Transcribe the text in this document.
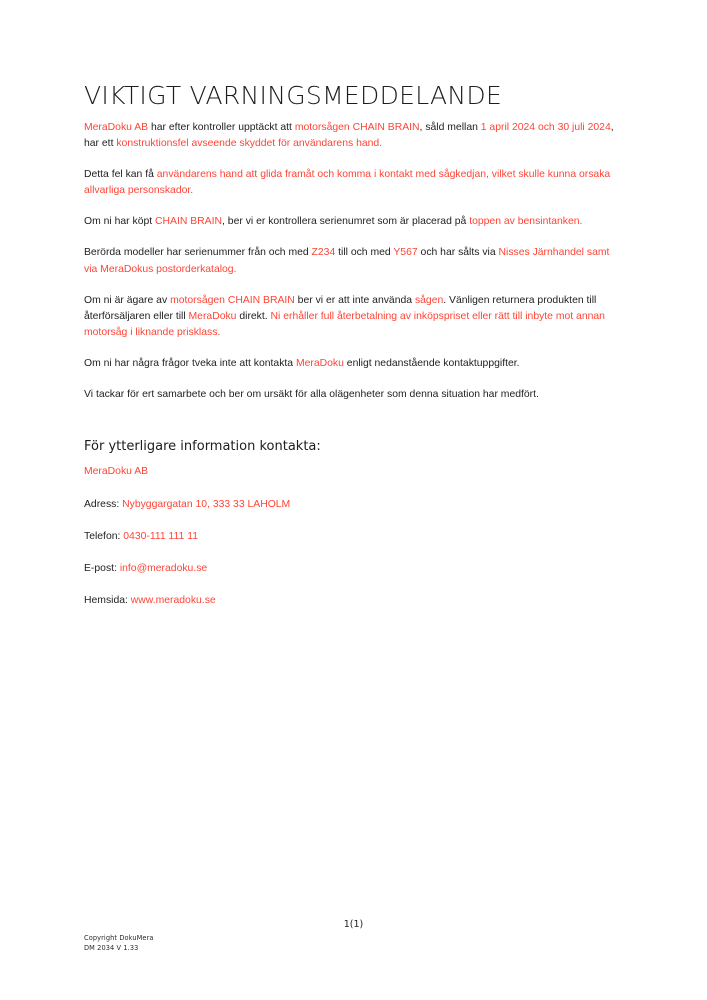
VIKTIGT VARNINGSMEDDELANDE

MeraDoku AB har efter kontroller upptäckt att motorsågen CHAIN BRAIN, såld mellan 1 april 2024 och 30 juli 2024, har ett konstruktionsfel avseende skyddet för användarens hand.

Detta fel kan få användarens hand att glida framåt och komma i kontakt med sågkedjan, vilket skulle kunna orsaka allvarliga personskador.

Om ni har köpt CHAIN BRAIN, ber vi er kontrollera serienumret som är placerad på toppen av bensintanken.

Berörda modeller har serienummer från och med Z234 till och med Y567 och har sålts via Nisses Järnhandel samt via MeraDokus postorderkatalog.

Om ni är ägare av motorsågen CHAIN BRAIN ber vi er att inte använda sågen. Vänligen returnera produkten till återförsäljaren eller till MeraDoku direkt. Ni erhåller full återbetalning av inköpspriset eller rätt till inbyte mot annan motorsåg i liknande prisklass.

Om ni har några frågor tveka inte att kontakta MeraDoku enligt nedanstående kontaktuppgifter.

Vi tackar för ert samarbete och ber om ursäkt för alla olägenheter som denna situation har medfört.

För ytterligare information kontakta:

MeraDoku AB

Adress: Nybyggargatan 10, 333 33 LAHOLM

Telefon: 0430-111 111 11

E-post: info@meradoku.se

Hemsida: www.meradoku.se

1(1)
Copyright DokuMera
DM 2034 V 1.33
